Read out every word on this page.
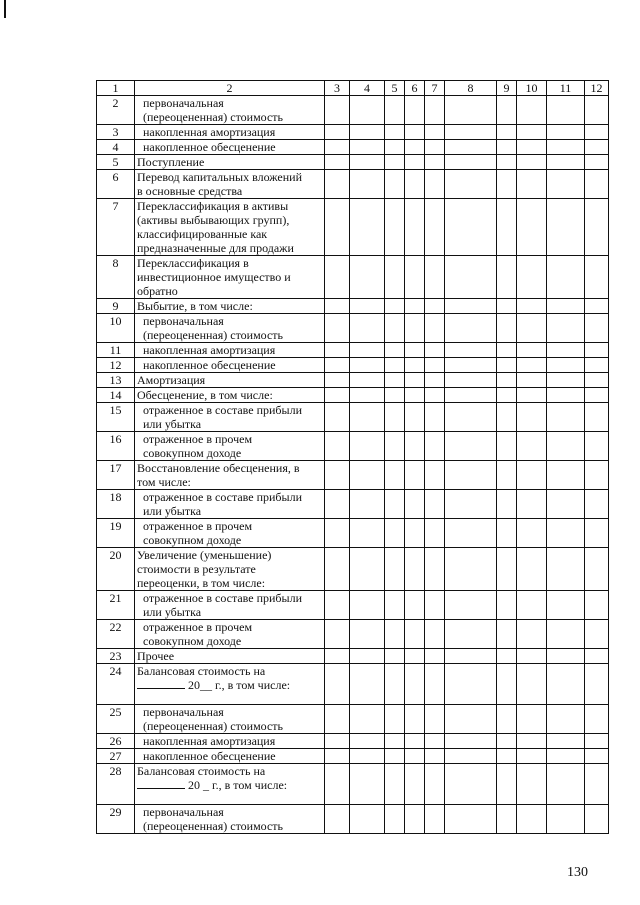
1	2	3	4	5	6	7	8	9	10	11	12
2	первоначальная
(переоцененная) стоимость										

3	накопленная амортизация										

4	накопленное обесценение										

5	Поступление										

6	Перевод капитальных вложений
в основные средства										

7	Переклассификация в активы
(активы выбывающих групп),
классифицированные как
предназначенные для продажи										

8	Переклассификация в
инвестиционное имущество и
обратно										

9	Выбытие, в том числе:										

10	первоначальная
(переоцененная) стоимость										

11	накопленная амортизация										

12	накопленное обесценение										

13	Амортизация										

14	Обесценение, в том числе:										

15	отраженное в составе прибыли
или убытка										

16	отраженное в прочем
совокупном доходе										

17	Восстановление обесценения, в
том числе:										

18	отраженное в составе прибыли
или убытка										

19	отраженное в прочем
совокупном доходе										

20	Увеличение (уменьшение)
стоимости в результате
переоценки, в том числе:										

21	отраженное в составе прибыли
или убытка										

22	отраженное в прочем
совокупном доходе										

23	Прочее										

24	Балансовая стоимость на
20__ г., в том числе:										

25	первоначальная
(переоцененная) стоимость										

26	накопленная амортизация										

27	накопленное обесценение										

28	Балансовая стоимость на
20 _ г., в том числе:										

29	первоначальная
(переоцененная) стоимость										

130
